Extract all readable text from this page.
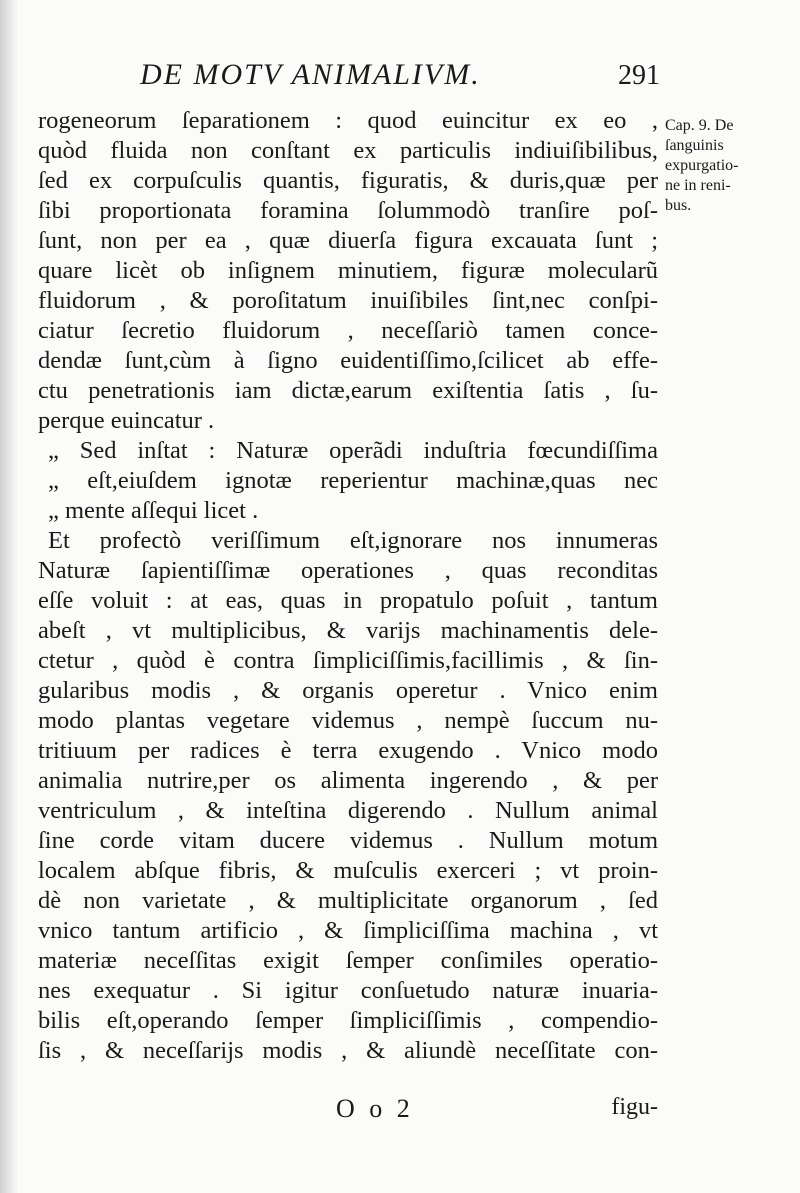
DE MOTV ANIMALIVM.	291
rogeneorum ſeparationem : quod euincitur ex eo ,
quòd fluida non conſtant ex particulis indiuiſibilibus,
ſed ex corpuſculis quantis, figuratis, & duris,quæ per
ſibi proportionata foramina ſolummodò tranſire poſ-
ſunt, non per ea , quæ diuerſa figura excauata ſunt ;
quare licèt ob inſignem minutiem, figuræ molecularũ
fluidorum , & poroſitatum inuiſibiles ſint,nec conſpi-
ciatur ſecretio fluidorum , neceſſariò tamen conce-
dendæ ſunt,cùm à ſigno euidentiſſimo,ſcilicet ab effe-
ctu penetrationis iam dictæ,earum exiſtentia ſatis , ſu-
perque euincatur .
„ Sed inſtat : Naturæ operãdi induſtria fœcundiſſima
„ eſt,eiuſdem ignotæ reperientur machinæ,quas nec
„ mente aſſequi licet .
Et profectò veriſſimum eſt,ignorare nos innumeras
Naturæ ſapientiſſimæ operationes , quas reconditas
eſſe voluit : at eas, quas in propatulo poſuit , tantum
abeſt , vt multiplicibus, & varijs machinamentis dele-
ctetur , quòd è contra ſimpliciſſimis,facillimis , & ſin-
gularibus modis , & organis operetur . Vnico enim
modo plantas vegetare videmus , nempè ſuccum nu-
tritiuum per radices è terra exugendo . Vnico modo
animalia nutrire,per os alimenta ingerendo , & per
ventriculum , & inteſtina digerendo . Nullum animal
ſine corde vitam ducere videmus . Nullum motum
localem abſque fibris, & muſculis exerceri ; vt proin-
dè non varietate , & multiplicitate organorum , ſed
vnico tantum artificio , & ſimpliciſſima machina , vt
materiæ neceſſitas exigit ſemper conſimiles operatio-
nes exequatur . Si igitur conſuetudo naturæ inuaria-
bilis eſt,operando ſemper ſimpliciſſimis , compendio-
ſis , & neceſſarijs modis , & aliundè neceſſitate con-
Cap. 9. De
ſanguinis
expurgatio-
ne in reni-
bus.
O o 2	figu-
